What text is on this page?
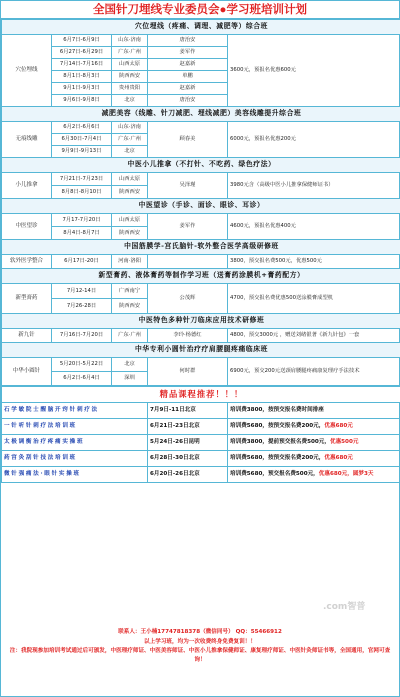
全国针刀埋线专业委员会●学习班培训计划
穴位埋线（疼痛、调理、减肥等）综合班				
穴位埋线	6月7日-6月9日	山东·济南	唐治安	3600元，预报名优惠600元
	6月27日-6月29日	广东·广州	姜军作	
	7月14日-7月16日	山西太原	赵嘉新	
	8月1日-8月3日	陕西西安	单鹏	
	9月1日-9月3日	贵州贵阳	赵嘉新	
	9月6日-9月8日	北京	唐治安	
减肥美容（线雕、针刀减肥、埋线减肥）美容线雕提升综合班				
无痕线雕	6月2日-6月6日	山东·济南	顾春美	6000元，预报名优惠200元
	6月30日-7月4日	广东·广州		
	9月9日-9月13日	北京		
中医小儿推拿（不打针、不吃药、绿色疗法）				
小儿推拿	7月21日-7月23日	山西太原	吴泽瑾	3980元含（高级中医小儿推拿保健师证书）
	8月8日-8月10日	陕西西安		
中医望诊（手诊、面诊、眼诊、耳诊）				
中医望诊	7月17-7月20日	山西太原	姜军作	4600元，预报名优惠400元
	8月4日-8月7日	陕西西安		
中国筋膜学-宫氏脑针-软外整合医学高级研修班				
软外医学整合	6月17日-20日	河南·洛阳		3800，预交报名费500元，优惠500元
新型膏药、液体膏药等制作学习班（送膏药涂膜机+膏药配方）				
新型膏药	7月12-14日	广西南宁	公茂辉	4700，预交报名费优惠500送涂膜膏成型机
	7月26-28日	陕西西安		
中医特色多种针刀临床应用技术研修班				
新九针	7月16日-7月20日	广东·广州	李玲·杨德红	4800，预交3000元 ，赠送刘绪银著《新九针包》一套
中华专利小圆针治疗疗肩腰腿疼痛临床班				
中华小圆针	5月20日-5月22日	北京	何时群	6900元，预交200元送颈肩腰腿疼痛康复理疗手法技术
	6月2日-6月4日	深圳		
精品课程推荐！！！		
石学敏院士醒脑开窍针刺疗法	7月9日-11日北京	培训费3800，按预交报名费时间排座
一针听针刺疗法培训班	6月21日-23日北京	培训费5680，按预交报名费200元，优惠680元
太极调衡治疗疼痛实操班	5月24日-26日昆明	培训费3800，提前预交报名费500元，优惠500元
药宫灸刮针技法培训班	6月28日-30日北京	培训费5680，按预交报名费200元，优惠680元
微针强痛法·眼针实操班	6月20日-26日北京	培训费5680，预交报名费500元，优惠680元，圆梦3天
.com智普

联系人：王小楠17747818378（微信同号） QQ：55466912

以上学习班，均为一次收费终身免费复训！！

注：我院现参加培训考试通过后可颁发，中医理疗师证、中医美容师证、中医小儿推拿保健师证、康复理疗师证、中医针灸师证书等，全国通用，官网可查询！
